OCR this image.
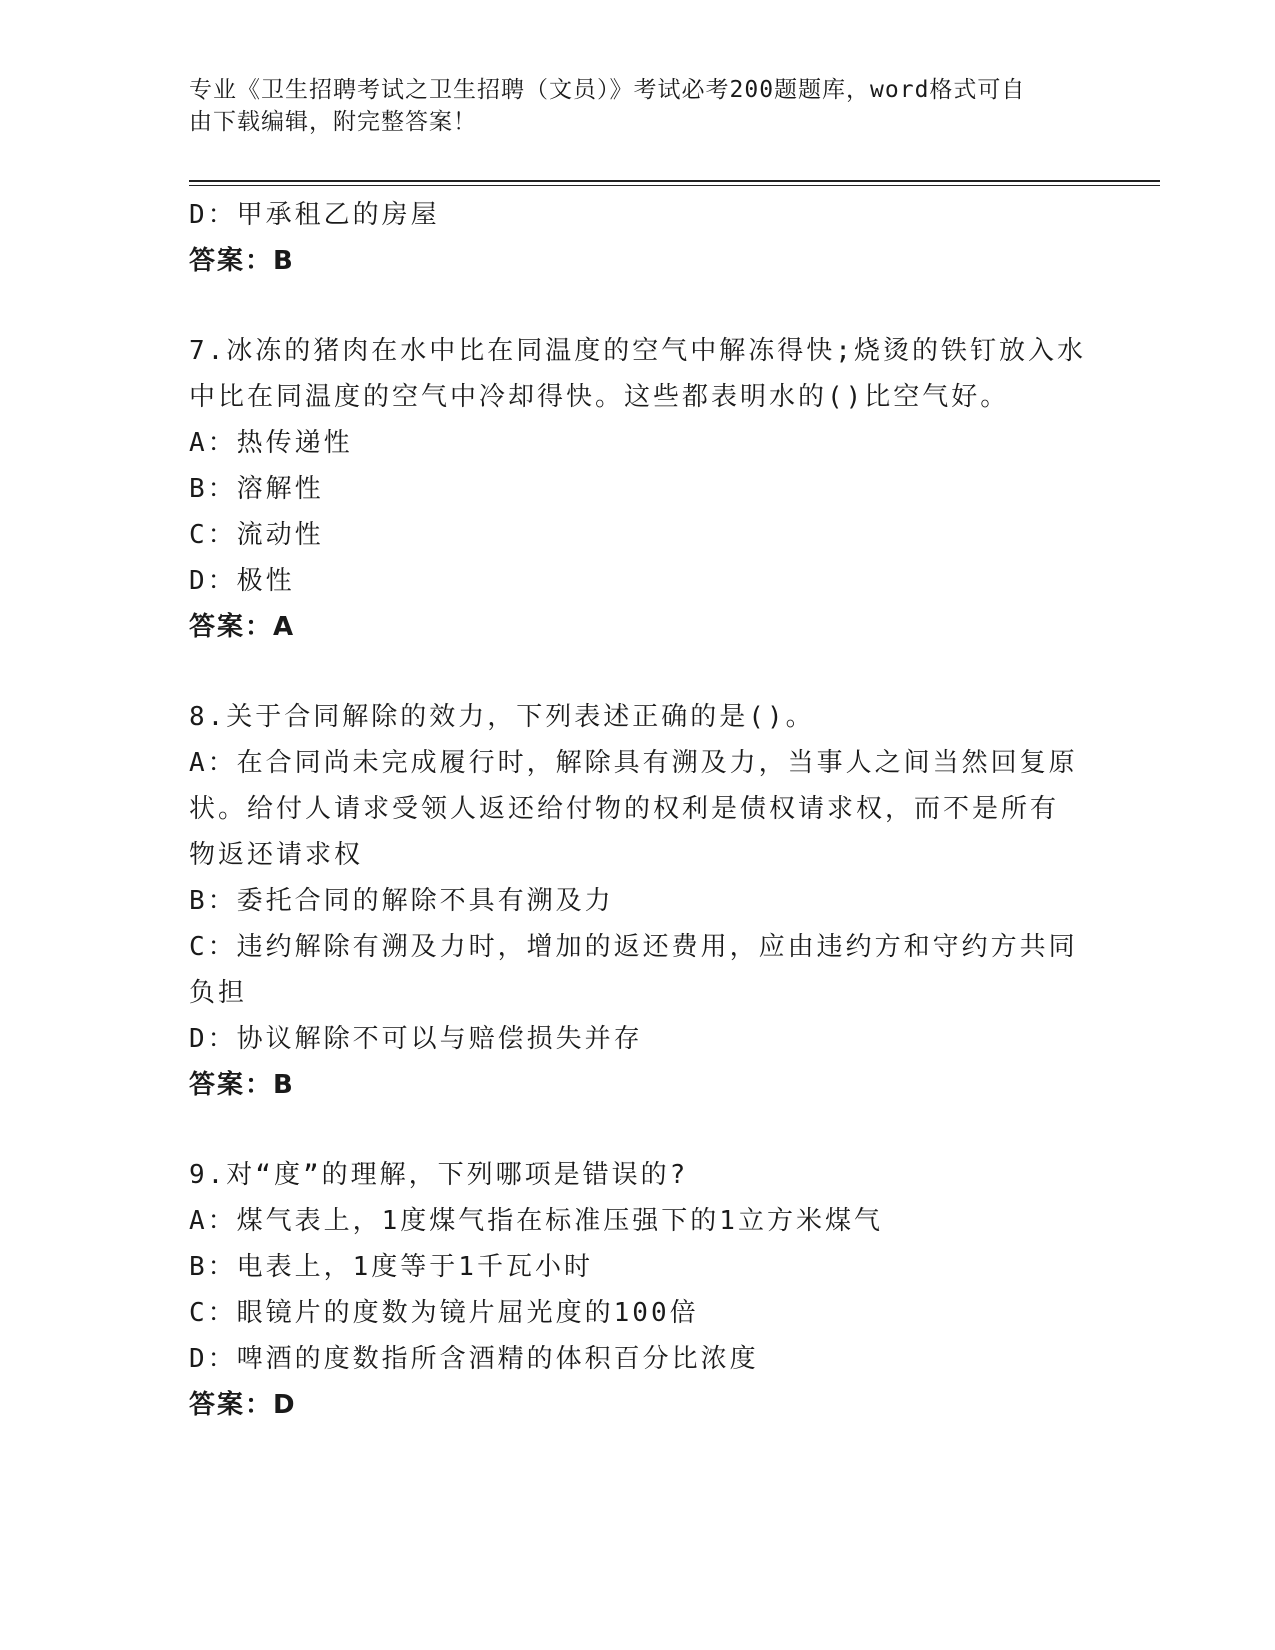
专业《卫生招聘考试之卫生招聘（文员）》考试必考200题题库，word格式可自
由下载编辑，附完整答案！
D：甲承租乙的房屋
答案：B
7.冰冻的猪肉在水中比在同温度的空气中解冻得快;烧烫的铁钉放入水
中比在同温度的空气中冷却得快。这些都表明水的()比空气好。
A：热传递性
B：溶解性
C：流动性
D：极性
答案：A
8.关于合同解除的效力，下列表述正确的是()。
A：在合同尚未完成履行时，解除具有溯及力，当事人之间当然回复原
状。给付人请求受领人返还给付物的权利是债权请求权，而不是所有
物返还请求权
B：委托合同的解除不具有溯及力
C：违约解除有溯及力时，增加的返还费用，应由违约方和守约方共同
负担
D：协议解除不可以与赔偿损失并存
答案：B
9.对“度”的理解，下列哪项是错误的?
A：煤气表上，1度煤气指在标准压强下的1立方米煤气
B：电表上，1度等于1千瓦小时
C：眼镜片的度数为镜片屈光度的100倍
D：啤酒的度数指所含酒精的体积百分比浓度
答案：D
